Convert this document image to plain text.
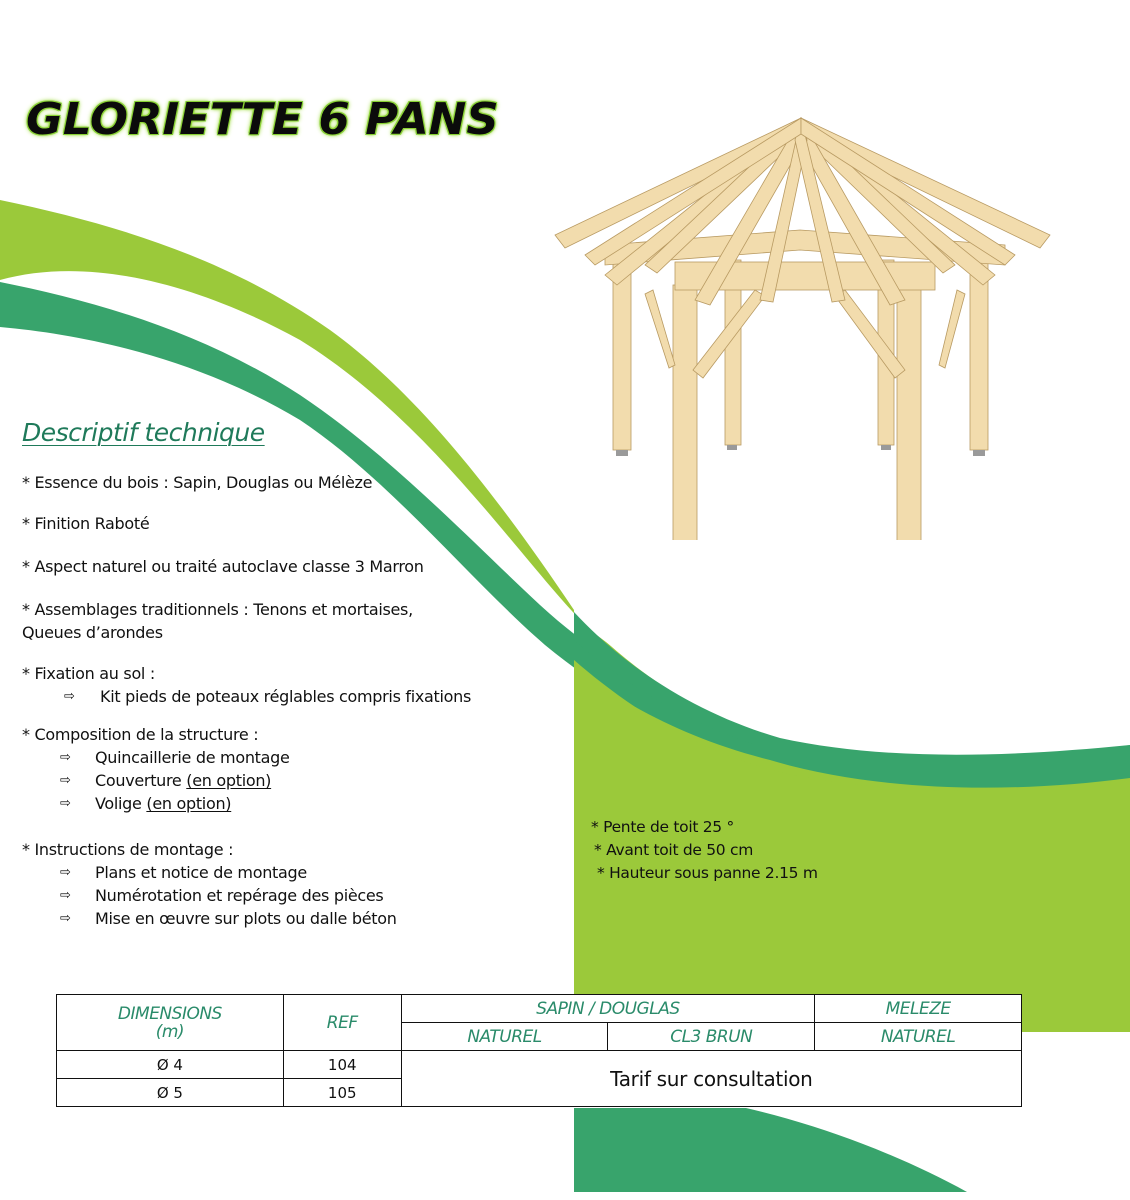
GLORIETTE 6 PANS
Descriptif technique
* Essence du bois : Sapin, Douglas ou Mélèze
* Finition Raboté
* Aspect naturel ou traité autoclave classe 3 Marron
* Assemblages traditionnels : Tenons et mortaises,
Queues d’arondes
* Fixation au sol :
⇨ Kit pieds de poteaux réglables compris fixations
* Composition de la structure :
⇨ Quincaillerie de montage
⇨ Couverture (en option)
⇨ Volige (en option)
* Instructions de montage :
⇨ Plans et notice de montage
⇨ Numérotation et repérage des pièces
⇨ Mise en œuvre sur plots ou dalle béton
* Pente de toit 25 °
* Avant toit de 50 cm
* Hauteur sous panne 2.15 m
DIMENSIONS
(m)	REF	SAPIN / DOUGLAS		MELEZE
		NATUREL	CL3 BRUN	NATUREL
Ø 4	104	Tarif sur consultation		
Ø 5	105			
